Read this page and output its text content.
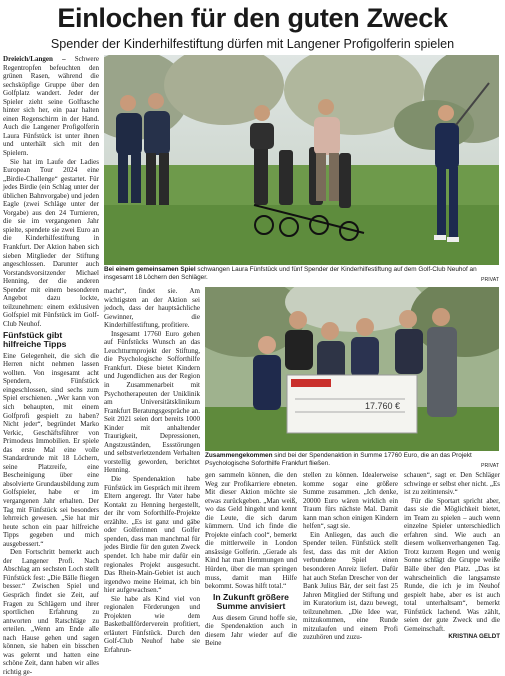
Einlochen für den guten Zweck
Spender der Kinderhilfestiftung dürfen mit Langener Profigolferin spielen

Dreieich/Langen – Schwere Regentropfen befeuchten den grünen Rasen, während die sechsköpfige Gruppe über den Golfplatz wandert. Jeder der Spieler zieht seine Golftasche hinter sich her, ein paar halten einen Regenschirm in der Hand. Auch die Langener Profigolferin Laura Fünfstück ist unter ihnen und unterhält sich mit den Spielern.

Sie hat im Laufe der Ladies European Tour 2024 eine „Birdie-Challenge“ gestartet. Für jedes Birdie (ein Schlag unter der üblichen Bahnvorgabe) und jeden Eagle (zwei Schläge unter der Vorgabe) aus den 24 Turnieren, die sie im vergangenen Jahr spielte, spendete sie zwei Euro an die Kinderhilfestiftung in Frankfurt. Der Aktion haben sich sieben Mitglieder der Stiftung angeschlossen. Darunter auch Vorstandsvorsitzender Michael Henning, der die anderen Spender mit einem besonderen Angebot dazu lockte, teilzunehmen: einem exklusiven Golfspiel mit Fünfstück im Golf-Club Neuhof.

Fünfstück gibt hilfreiche Tipps

Eine Gelegenheit, die sich die Herren nicht nehmen lassen wollten. Von insgesamt acht Spendern, Fünfstück eingeschlossen, sind sechs zum Spiel erschienen. „Wer kann von sich behaupten, mit einem Golfprofi gespielt zu haben? Nicht jeder“, begründet Marko Verkic, Geschäftsführer von Primodeus Immobilien. Er spiele das erste Mal eine volle Standardrunde mit 18 Löchern, seine Platzreife, eine Bescheinigung über eine absolvierte Grundausbildung zum Golfspieler, habe er im vergangenen Jahr erhalten. Der Tag mit Fünfstück sei besonders lehrreich gewesen. „Sie hat mir heute schon ein paar hilfreiche Tipps gegeben und mich ausgebessert.“

Den Fortschritt bemerkt auch der Langener Profi. Nach Abschlag am sechsten Loch stellt Fünfstück fest: „Die Bälle fliegen besser.“ Zwischen Spiel und Gespräch findet sie Zeit, auf Fragen zu Schlägern und ihrer sportlichen Erfahrung zu antworten und Ratschläge zu erteilen. „Wenn am Ende alle nach Hause gehen und sagen können, sie haben ein bisschen was gelernt und hatten eine schöne Zeit, dann haben wir alles richtig ge-

Bei einem gemeinsamen Spiel schwangen Laura Fünfstück und fünf Spender der Kinderhilfestiftung auf dem Golf-Club Neuhof an insgesamt 18 Löchern den Schläger.	PRIVAT

macht“, findet sie. Am wichtigsten an der Aktion sei jedoch, dass der hauptsächliche Gewinner, die Kinderhilfestiftung, profitiere.

Insgesamt 17760 Euro gehen auf Fünfstücks Wunsch an das Leuchtturmprojekt der Stiftung, die Psychologische Sofforthilfe Frankfurt. Diese bietet Kindern und Jugendlichen aus der Region in Zusammenarbeit mit Psychotherapeuten der Uniklinik am Universitätsklinikum Frankfurt Beratungsgespräche an. Seit 2021 seien dort bereits 1000 Kinder mit anhaltender Traurigkeit, Depressionen, Angstzuständen, Essstörungen und selbstverletzendem Verhalten vorstellig geworden, berichtet Henning.

Die Spendenaktion habe Fünfstück im Gespräch mit ihrem Eltern angeregt. Ihr Vater habe Kontakt zu Henning hergestellt, der ihr vom Soforthilfe-Projekte erzählte. „Es ist ganz und gäbe oder Golferinnen und Golfer spenden, dass man manchmal für jedes Birdie für den guten Zweck spendet. Ich habe mir dafür ein regionales Projekt ausgesucht. Das Rhein-Main-Gebiet ist auch irgendwo meine Heimat, ich bin hier aufgewachsen.“

Sie habe als Kind viel von regionalen Förderungen und Projekten wie dem Basketballförderverein profitiert, erläutert Fünfstück. Durch den Golf-Club Neuhof habe sie Erfahrun-

17.760 €
Zusammengekommen sind bei der Spendenaktion in Summe 17760 Euro, die an das Projekt Psychologische Soforthilfe Frankfurt fließen.	PRIVAT

gen sammeln können, die den Weg zur Profikarriere ebneten. Mit dieser Aktion möchte sie etwas zurückgeben. „Man weiß, wo das Geld hingeht und kennt die Leute, die sich darum kümmern. Und ich finde die Projekte einfach cool“, bemerkt die mittlerweile in London ansässige Golferin. „Gerade als Kind hat man Hemmungen und Hürden, über die man springen muss, damit man Hilfe bekommt. Sowas hilft total.“

In Zukunft größere Summe anvisiert

Aus diesem Grund hoffe sie, die Spendenaktion auch in diesem Jahr wieder auf die Beine

stellen zu können. Idealerweise komme sogar eine größere Summe zusammen. „Ich denke, 20000 Euro wären wirklich ein Traum fürs nächste Mal. Damit kann man schon einigen Kindern helfen“, sagt sie.

Ein Anliegen, das auch die Spender teilen. Fünfstück stellt fest, dass das mit der Aktion verbundene Spiel einen besonderen Anreiz liefert. Dafür hat auch Stefan Drescher von der Bank Julius Bär, der seit fast 25 Jahren Mitglied der Stiftung und im Kuratorium ist, dazu bewegt, teilzunehmen. „Die Idee war, mitzukommen, eine Runde mitzulaufen und einem Profi zuzuhören und zuzu-

schauen“, sagt er. Den Schläger schwinge er selbst eher nicht. „Es ist zu zeitintensiv.“

Für die Sportart spricht aber, dass sie die Möglichkeit bietet, im Team zu spielen – auch wenn einzelne Spieler unterschiedlich erfahren sind. Wie auch an diesem wolkenverhangenen Tag. Trotz kurzem Regen und wenig Sonne schlägt die Gruppe weiße Bälle über den Platz. „Das ist wahrscheinlich die langsamste Runde, die ich je im Neuhof gespielt habe, aber es ist auch total unterhaltsam“, bemerkt Fünfstück lachend. Was zählt, seien der gute Zweck und die Gemeinschaft.
KRISTINA GELDT
